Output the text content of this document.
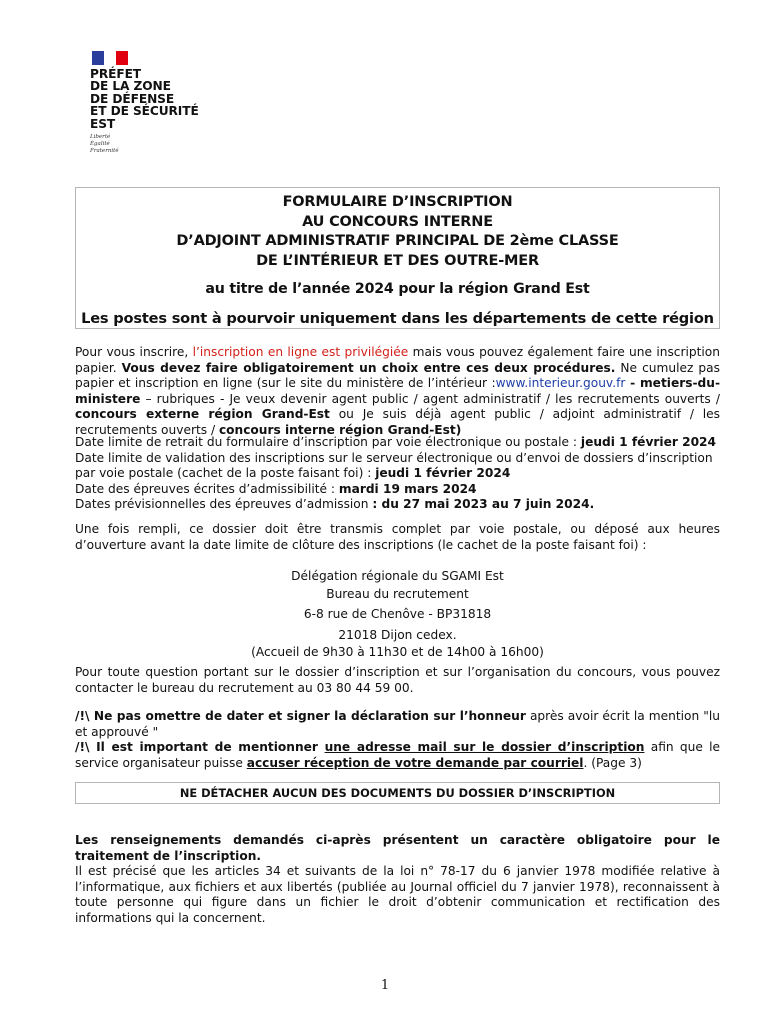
PRÉFET
DE LA ZONE
DE DÉFENSE
ET DE SÉCURITÉ
EST
Liberté
Égalité
Fraternité
FORMULAIRE D’INSCRIPTION
AU CONCOURS INTERNE
D’ADJOINT ADMINISTRATIF PRINCIPAL DE 2ème CLASSE
DE L’INTÉRIEUR ET DES OUTRE-MER
au titre de l’année 2024 pour la région Grand Est
Les postes sont à pourvoir uniquement dans les départements de cette région
Pour vous inscrire, l’inscription en ligne est privilégiée mais vous pouvez également faire une inscription papier. Vous devez faire obligatoirement un choix entre ces deux procédures. Ne cumulez pas papier et inscription en ligne (sur le site du ministère de l’intérieur :www.interieur.gouv.fr - metiers-du-ministere – rubriques - Je veux devenir agent public / agent administratif / les recrutements ouverts / concours externe région Grand-Est ou Je suis déjà agent public / adjoint administratif / les recrutements ouverts / concours interne région Grand-Est)
Date limite de retrait du formulaire d’inscription par voie électronique ou postale : jeudi 1 février 2024
Date limite de validation des inscriptions sur le serveur électronique ou d’envoi de dossiers d’inscription par voie postale (cachet de la poste faisant foi) : jeudi 1 février 2024
Date des épreuves écrites d’admissibilité : mardi 19 mars 2024
Dates prévisionnelles des épreuves d’admission : du 27 mai 2023 au 7 juin 2024.
Une fois rempli, ce dossier doit être transmis complet par voie postale, ou déposé aux heures d’ouverture avant la date limite de clôture des inscriptions (le cachet de la poste faisant foi) :
Délégation régionale du SGAMI Est
Bureau du recrutement
6-8 rue de Chenôve - BP31818
21018 Dijon cedex.
(Accueil de 9h30 à 11h30 et de 14h00 à 16h00)
Pour toute question portant sur le dossier d’inscription et sur l’organisation du concours, vous pouvez contacter le bureau du recrutement au 03 80 44 59 00.
/!\ Ne pas omettre de dater et signer la déclaration sur l’honneur après avoir écrit la mention "lu et approuvé "
/!\ Il est important de mentionner une adresse mail sur le dossier d’inscription afin que le service organisateur puisse accuser réception de votre demande par courriel. (Page 3)
NE DÉTACHER AUCUN DES DOCUMENTS DU DOSSIER D’INSCRIPTION
Les renseignements demandés ci-après présentent un caractère obligatoire pour le traitement de l’inscription.
Il est précisé que les articles 34 et suivants de la loi n° 78-17 du 6 janvier 1978 modifiée relative à l’informatique, aux fichiers et aux libertés (publiée au Journal officiel du 7 janvier 1978), reconnaissent à toute personne qui figure dans un fichier le droit d’obtenir communication et rectification des informations qui la concernent.
1
